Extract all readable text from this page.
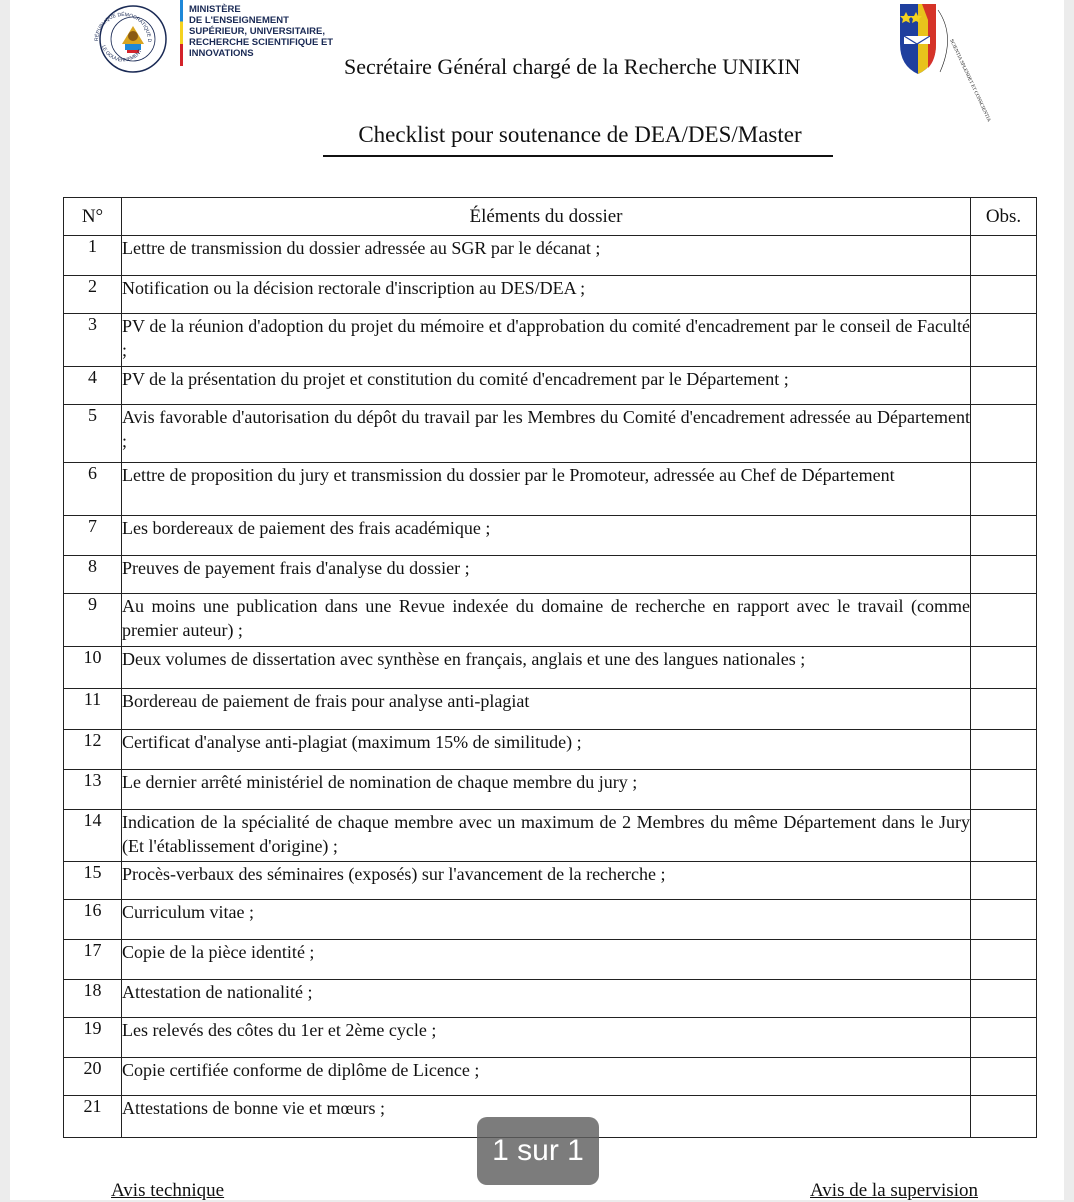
MINISTÈRE
DE L'ENSEIGNEMENT
SUPÉRIEUR, UNIVERSITAIRE,
RECHERCHE SCIENTIFIQUE ET
INNOVATIONS
Secrétaire Général chargé de la Recherche UNIKIN	SCIENTIA SPLENDET ET CONSCIENTIA
Checklist pour soutenance de DEA/DES/Master
Avis technique	Avis de la supervision
N°	Éléments du dossier	Obs.
1	Lettre de transmission du dossier adressée au SGR par le décanat ;	
2	Notification ou la décision rectorale d'inscription au DES/DEA ;	
3	PV de la réunion d'adoption du projet du mémoire et d'approbation du comité d'encadrement par le conseil de Faculté ;	
4	PV de la présentation du projet et constitution du comité d'encadrement par le Département ;	
5	Avis favorable d'autorisation du dépôt du travail par les Membres du Comité d'encadrement adressée au Département ;	
6	Lettre de proposition du jury et transmission du dossier par le Promoteur, adressée au Chef de Département	
7	Les bordereaux de paiement des frais académique ;	
8	Preuves de payement frais d'analyse du dossier ;	
9	Au moins une publication dans une Revue indexée du domaine de recherche en rapport avec le travail (comme premier auteur) ;	
10	Deux volumes de dissertation avec synthèse en français, anglais et une des langues nationales ;	
11	Bordereau de paiement de frais pour analyse anti-plagiat	
12	Certificat d'analyse anti-plagiat (maximum 15% de similitude) ;	
13	Le dernier arrêté ministériel de nomination de chaque membre du jury ;	
14	Indication de la spécialité de chaque membre avec un maximum de 2 Membres du même Département dans le Jury (Et l'établissement d'origine) ;	
15	Procès-verbaux des séminaires (exposés) sur l'avancement de la recherche ;	
16	Curriculum vitae ;	
17	Copie de la pièce identité ;	
18	Attestation de nationalité ;	
19	Les relevés des côtes du 1er et 2ème cycle ;	
20	Copie certifiée conforme de diplôme de Licence ;	
21	Attestations de bonne vie et mœurs ;	
1 sur 1
RÉPUBLIQUE DÉMOCRATIQUE D
LE GOUVERNEMENT
